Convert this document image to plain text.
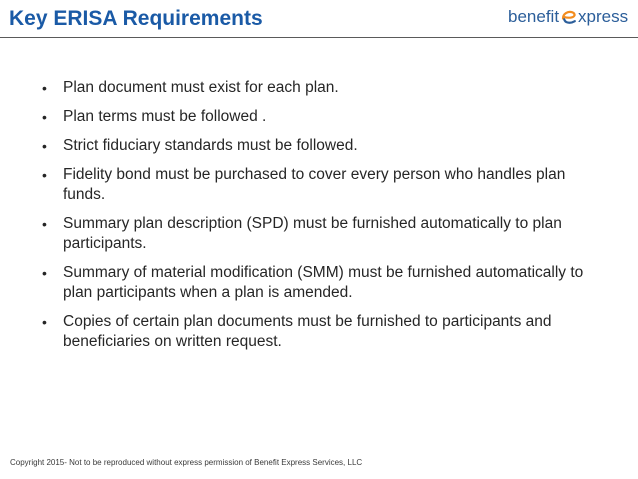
Key ERISA Requirements	benefit xpress
•	Plan document must exist for each plan.
•	Plan terms must be followed .
•	Strict fiduciary standards must be followed.
•	Fidelity bond must be purchased to cover every person who handles plan funds.
•	Summary plan description (SPD) must be furnished automatically to plan participants.
•	Summary of material modification (SMM) must be furnished automatically to plan participants when a plan is amended.
•	Copies of certain plan documents must be furnished to participants and beneficiaries on written request.
Copyright 2015- Not to be reproduced without express permission of Benefit Express Services, LLC
